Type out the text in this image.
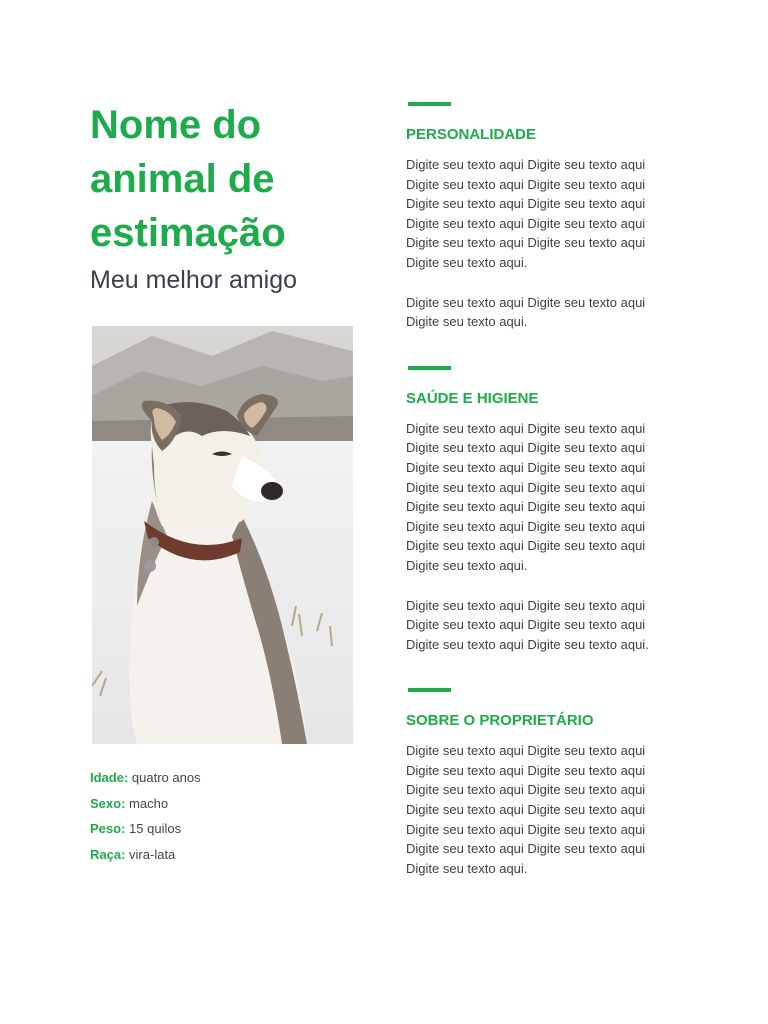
Nome do
animal de
estimação
Meu melhor amigo
Idade: quatro anos
Sexo: macho
Peso: 15 quilos
Raça: vira-lata
PERSONALIDADE

Digite seu texto aqui Digite seu texto aqui Digite seu texto aqui Digite seu texto aqui Digite seu texto aqui Digite seu texto aqui Digite seu texto aqui Digite seu texto aqui Digite seu texto aqui Digite seu texto aqui Digite seu texto aqui.

Digite seu texto aqui Digite seu texto aqui Digite seu texto aqui.

SAÚDE E HIGIENE

Digite seu texto aqui Digite seu texto aqui Digite seu texto aqui Digite seu texto aqui Digite seu texto aqui Digite seu texto aqui Digite seu texto aqui Digite seu texto aqui Digite seu texto aqui Digite seu texto aqui Digite seu texto aqui Digite seu texto aqui Digite seu texto aqui Digite seu texto aqui Digite seu texto aqui.

Digite seu texto aqui Digite seu texto aqui Digite seu texto aqui Digite seu texto aqui Digite seu texto aqui Digite seu texto aqui.

SOBRE O PROPRIETÁRIO

Digite seu texto aqui Digite seu texto aqui Digite seu texto aqui Digite seu texto aqui Digite seu texto aqui Digite seu texto aqui Digite seu texto aqui Digite seu texto aqui Digite seu texto aqui Digite seu texto aqui Digite seu texto aqui Digite seu texto aqui Digite seu texto aqui.
